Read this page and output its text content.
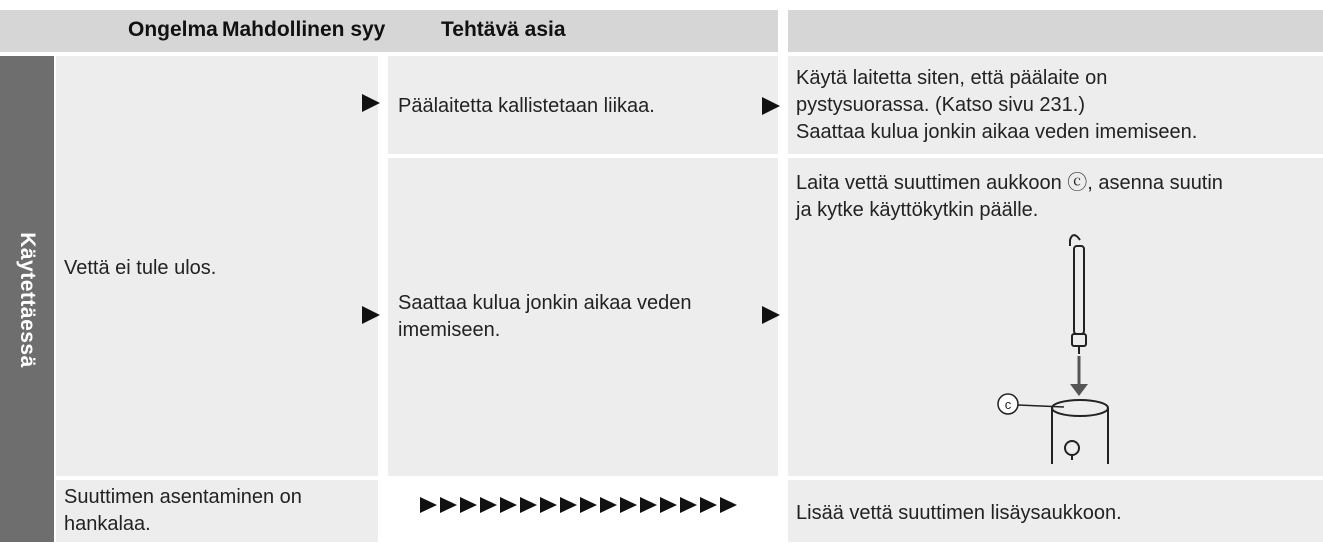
Ongelma Mahdollinen syy	Tehtävä asia
Käytettäessä Vettä ei tule ulos.
Suuttimen asentaminen on
hankalaa.
Päälaitetta kallistetaan liikaa.
Saattaa kulua jonkin aikaa veden
imemiseen.
Käytä laitetta siten, että päälaite on
pystysuorassa. (Katso sivu 231.)
Saattaa kulua jonkin aikaa veden imemiseen.
Laita vettä suuttimen aukkoon ⓒ, asenna suutin
ja kytke käyttökytkin päälle.
Lisää vettä suuttimen lisäysaukkoon.
c
